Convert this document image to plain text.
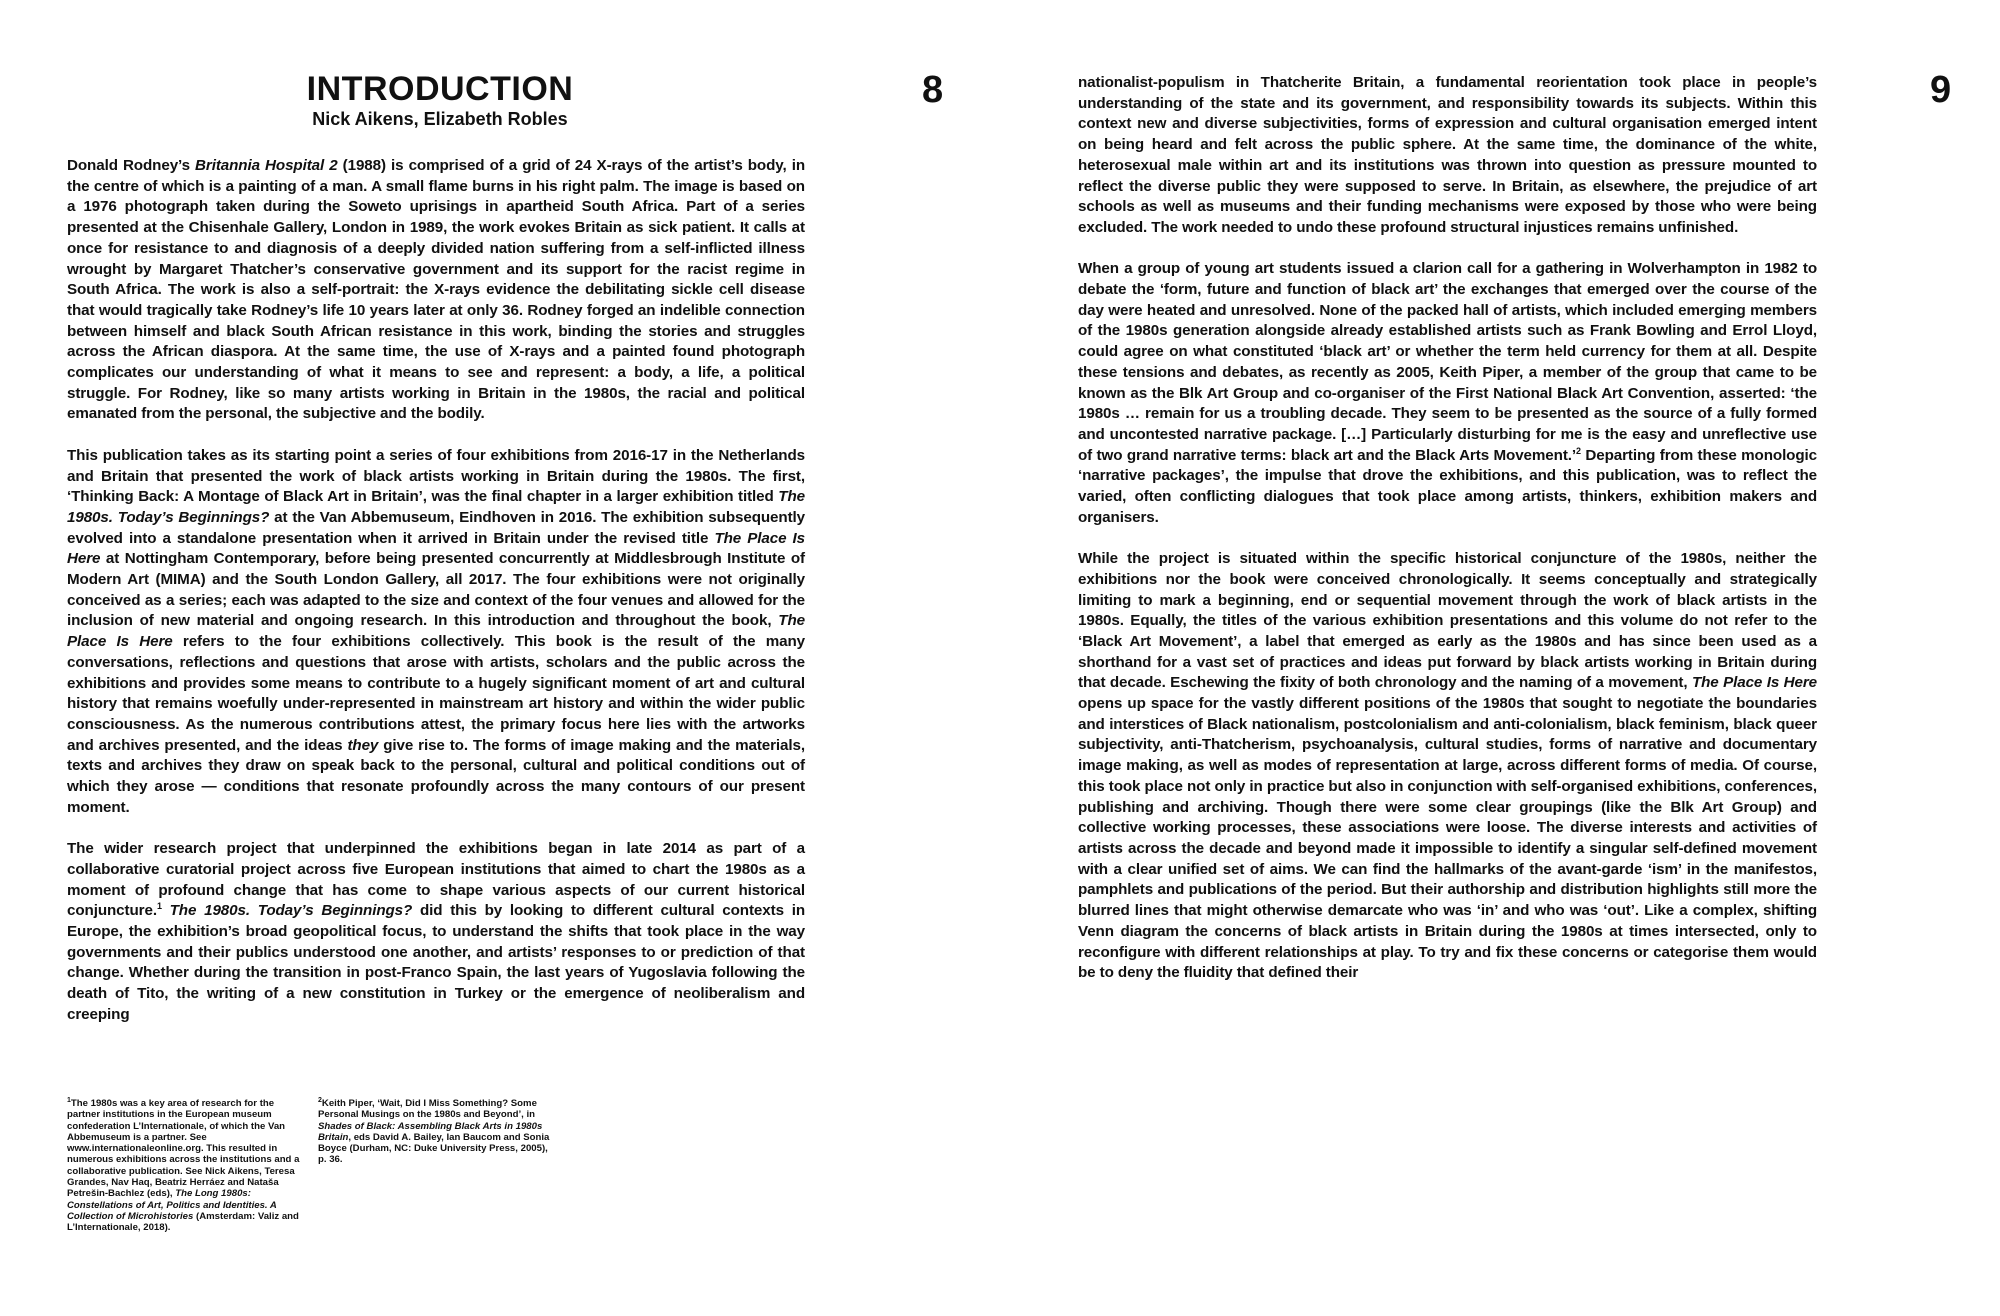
INTRODUCTION

Nick Aikens, Elizabeth Robles

8

Donald Rodney’s Britannia Hospital 2 (1988) is comprised of a grid of 24 X-rays of the artist’s body, in the centre of which is a painting of a man. A small flame burns in his right palm. The image is based on a 1976 photograph taken during the Soweto uprisings in apartheid South Africa. Part of a series presented at the Chisenhale Gallery, London in 1989, the work evokes Britain as sick patient. It calls at once for resistance to and diagnosis of a deeply divided nation suffering from a self-inflicted illness wrought by Margaret Thatcher’s conservative government and its support for the racist regime in South Africa. The work is also a self-portrait: the X-rays evidence the debilitating sickle cell disease that would tragically take Rodney’s life 10 years later at only 36. Rodney forged an indelible connection between himself and black South African resistance in this work, binding the stories and struggles across the African diaspora. At the same time, the use of X-rays and a painted found photograph complicates our understanding of what it means to see and represent: a body, a life, a political struggle. For Rodney, like so many artists working in Britain in the 1980s, the racial and political emanated from the personal, the subjective and the bodily.

This publication takes as its starting point a series of four exhibitions from 2016-17 in the Netherlands and Britain that presented the work of black artists working in Britain during the 1980s. The first, ‘Thinking Back: A Montage of Black Art in Britain’, was the final chapter in a larger exhibition titled The 1980s. Today’s Beginnings? at the Van Abbemuseum, Eindhoven in 2016. The exhibition subsequently evolved into a standalone presentation when it arrived in Britain under the revised title The Place Is Here at Nottingham Contemporary, before being presented concurrently at Middlesbrough Institute of Modern Art (MIMA) and the South London Gallery, all 2017. The four exhibitions were not originally conceived as a series; each was adapted to the size and context of the four venues and allowed for the inclusion of new material and ongoing research. In this introduction and throughout the book, The Place Is Here refers to the four exhibitions collectively. This book is the result of the many conversations, reflections and questions that arose with artists, scholars and the public across the exhibitions and provides some means to contribute to a hugely significant moment of art and cultural history that remains woefully under-represented in mainstream art history and within the wider public consciousness. As the numerous contributions attest, the primary focus here lies with the artworks and archives presented, and the ideas they give rise to. The forms of image making and the materials, texts and archives they draw on speak back to the personal, cultural and political conditions out of which they arose — conditions that resonate profoundly across the many contours of our present moment.

The wider research project that underpinned the exhibitions began in late 2014 as part of a collaborative curatorial project across five European institutions that aimed to chart the 1980s as a moment of profound change that has come to shape various aspects of our current historical conjuncture.$^1$ The 1980s. Today’s Beginnings? did this by looking to different cultural contexts in Europe, the exhibition’s broad geopolitical focus, to understand the shifts that took place in the way governments and their publics understood one another, and artists’ responses to or prediction of that change. Whether during the transition in post-Franco Spain, the last years of Yugoslavia following the death of Tito, the writing of a new constitution in Turkey or the emergence of neoliberalism and creeping

$^1$The 1980s was a key area of research for the partner institutions in the European museum confederation L’Internationale, of which the Van Abbemuseum is a partner. See www.internationaleonline.org. This resulted in numerous exhibitions across the institutions and a collaborative publication. See Nick Aikens, Teresa Grandes, Nav Haq, Beatriz Herráez and Nataša Petrešin-Bachlez (eds), The Long 1980s: Constellations of Art, Politics and Identities. A Collection of Microhistories (Amsterdam: Valiz and L’Internationale, 2018).
$^2$Keith Piper, ‘Wait, Did I Miss Something? Some Personal Musings on the 1980s and Beyond’, in Shades of Black: Assembling Black Arts in 1980s Britain, eds David A. Bailey, Ian Baucom and Sonia Boyce (Durham, NC: Duke University Press, 2005), p. 36.
9

nationalist-populism in Thatcherite Britain, a fundamental reorientation took place in people’s understanding of the state and its government, and responsibility towards its subjects. Within this context new and diverse subjectivities, forms of expression and cultural organisation emerged intent on being heard and felt across the public sphere. At the same time, the dominance of the white, heterosexual male within art and its institutions was thrown into question as pressure mounted to reflect the diverse public they were supposed to serve. In Britain, as elsewhere, the prejudice of art schools as well as museums and their funding mechanisms were exposed by those who were being excluded. The work needed to undo these profound structural injustices remains unfinished.

When a group of young art students issued a clarion call for a gathering in Wolverhampton in 1982 to debate the ‘form, future and function of black art’ the exchanges that emerged over the course of the day were heated and unresolved. None of the packed hall of artists, which included emerging members of the 1980s generation alongside already established artists such as Frank Bowling and Errol Lloyd, could agree on what constituted ‘black art’ or whether the term held currency for them at all. Despite these tensions and debates, as recently as 2005, Keith Piper, a member of the group that came to be known as the Blk Art Group and co-organiser of the First National Black Art Convention, asserted: ‘the 1980s … remain for us a troubling decade. They seem to be presented as the source of a fully formed and uncontested narrative package. […] Particularly disturbing for me is the easy and unreflective use of two grand narrative terms: black art and the Black Arts Movement.’$^2$ Departing from these monologic ‘narrative packages’, the impulse that drove the exhibitions, and this publication, was to reflect the varied, often conflicting dialogues that took place among artists, thinkers, exhibition makers and organisers.

While the project is situated within the specific historical conjuncture of the 1980s, neither the exhibitions nor the book were conceived chronologically. It seems conceptually and strategically limiting to mark a beginning, end or sequential movement through the work of black artists in the 1980s. Equally, the titles of the various exhibition presentations and this volume do not refer to the ‘Black Art Movement’, a label that emerged as early as the 1980s and has since been used as a shorthand for a vast set of practices and ideas put forward by black artists working in Britain during that decade. Eschewing the fixity of both chronology and the naming of a movement, The Place Is Here opens up space for the vastly different positions of the 1980s that sought to negotiate the boundaries and interstices of Black nationalism, postcolonialism and anti-colonialism, black feminism, black queer subjectivity, anti-Thatcherism, psychoanalysis, cultural studies, forms of narrative and documentary image making, as well as modes of representation at large, across different forms of media. Of course, this took place not only in practice but also in conjunction with self-organised exhibitions, conferences, publishing and archiving. Though there were some clear groupings (like the Blk Art Group) and collective working processes, these associations were loose. The diverse interests and activities of artists across the decade and beyond made it impossible to identify a singular self-defined movement with a clear unified set of aims. We can find the hallmarks of the avant-garde ‘ism’ in the manifestos, pamphlets and publications of the period. But their authorship and distribution highlights still more the blurred lines that might otherwise demarcate who was ‘in’ and who was ‘out’. Like a complex, shifting Venn diagram the concerns of black artists in Britain during the 1980s at times intersected, only to reconfigure with different relationships at play. To try and fix these concerns or categorise them would be to deny the fluidity that defined their
